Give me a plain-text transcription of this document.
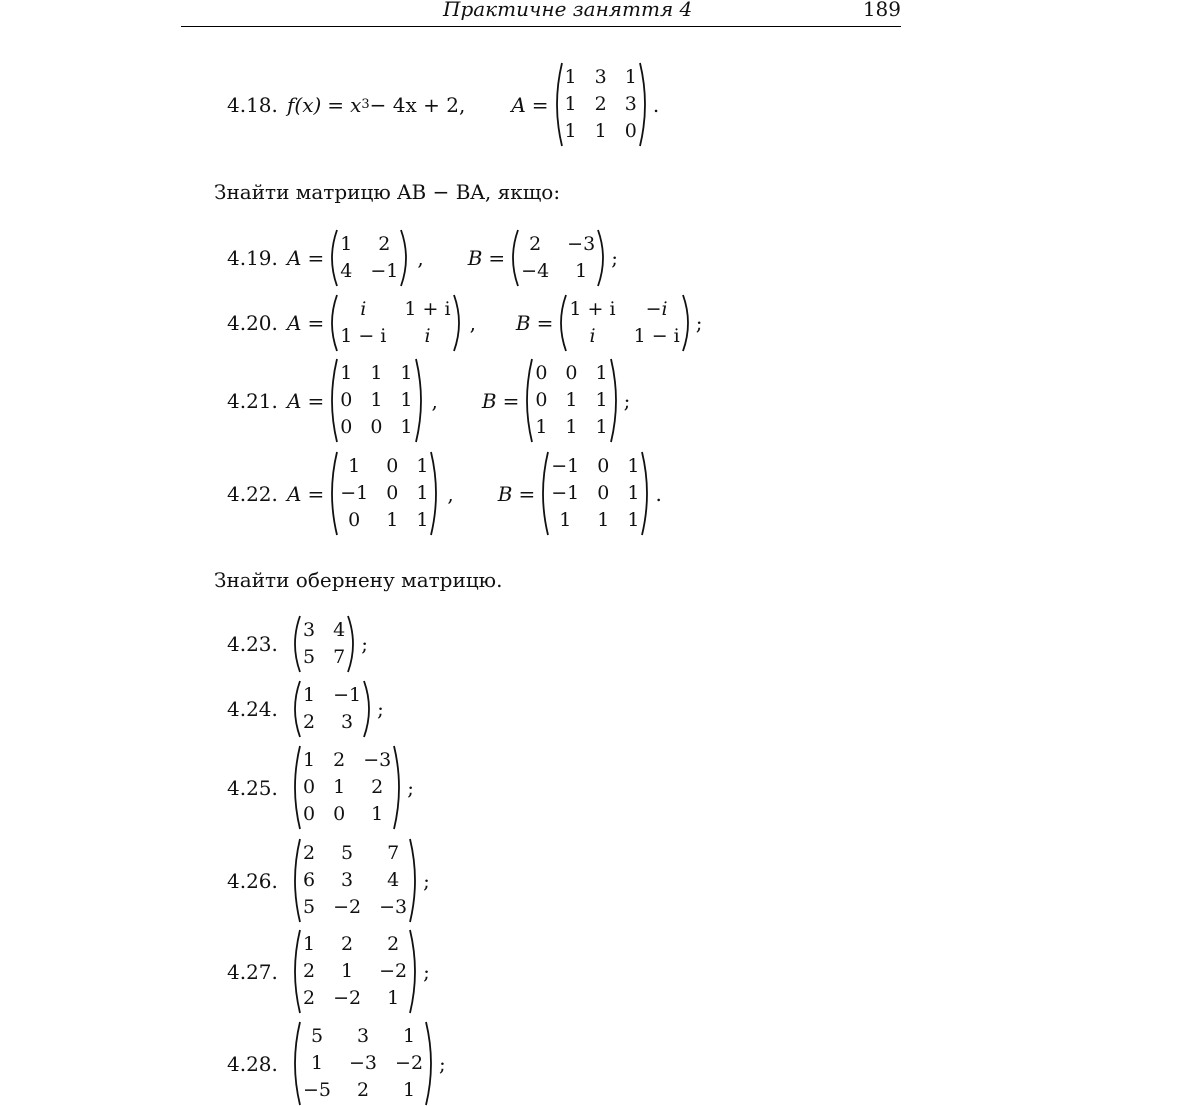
Практичне заняття 4	189
4.18. f(x) = x 3 − 4x + 2, A =
1 3 1
1 2 3
1 1 0
.
Знайти матрицю AB − BA, якщо:
4.19. A =
1 2
4 −1
, B =
2 −3
−4 1
;
4.20. A =
i 1 + i
1 − i i
, B =
1 + i −i
i 1 − i
;
4.21. A =
1 1 1
0 1 1
0 0 1
, B =
0 0 1
0 1 1
1 1 1
;
4.22. A =
1 0 1
−1 0 1
0 1 1
, B =
−1 0 1
−1 0 1
1 1 1
.
Знайти обернену матрицю.
4.23.
3 4
5 7
;
4.24.
1 −1
2 3
;
4.25.
1 2 −3
0 1 2
0 0 1
;
4.26.
2 5 7
6 3 4
5 −2 −3
;
4.27.
1 2 2
2 1 −2
2 −2 1
;
4.28.
5 3 1
1 −3 −2
−5 2 1
;
